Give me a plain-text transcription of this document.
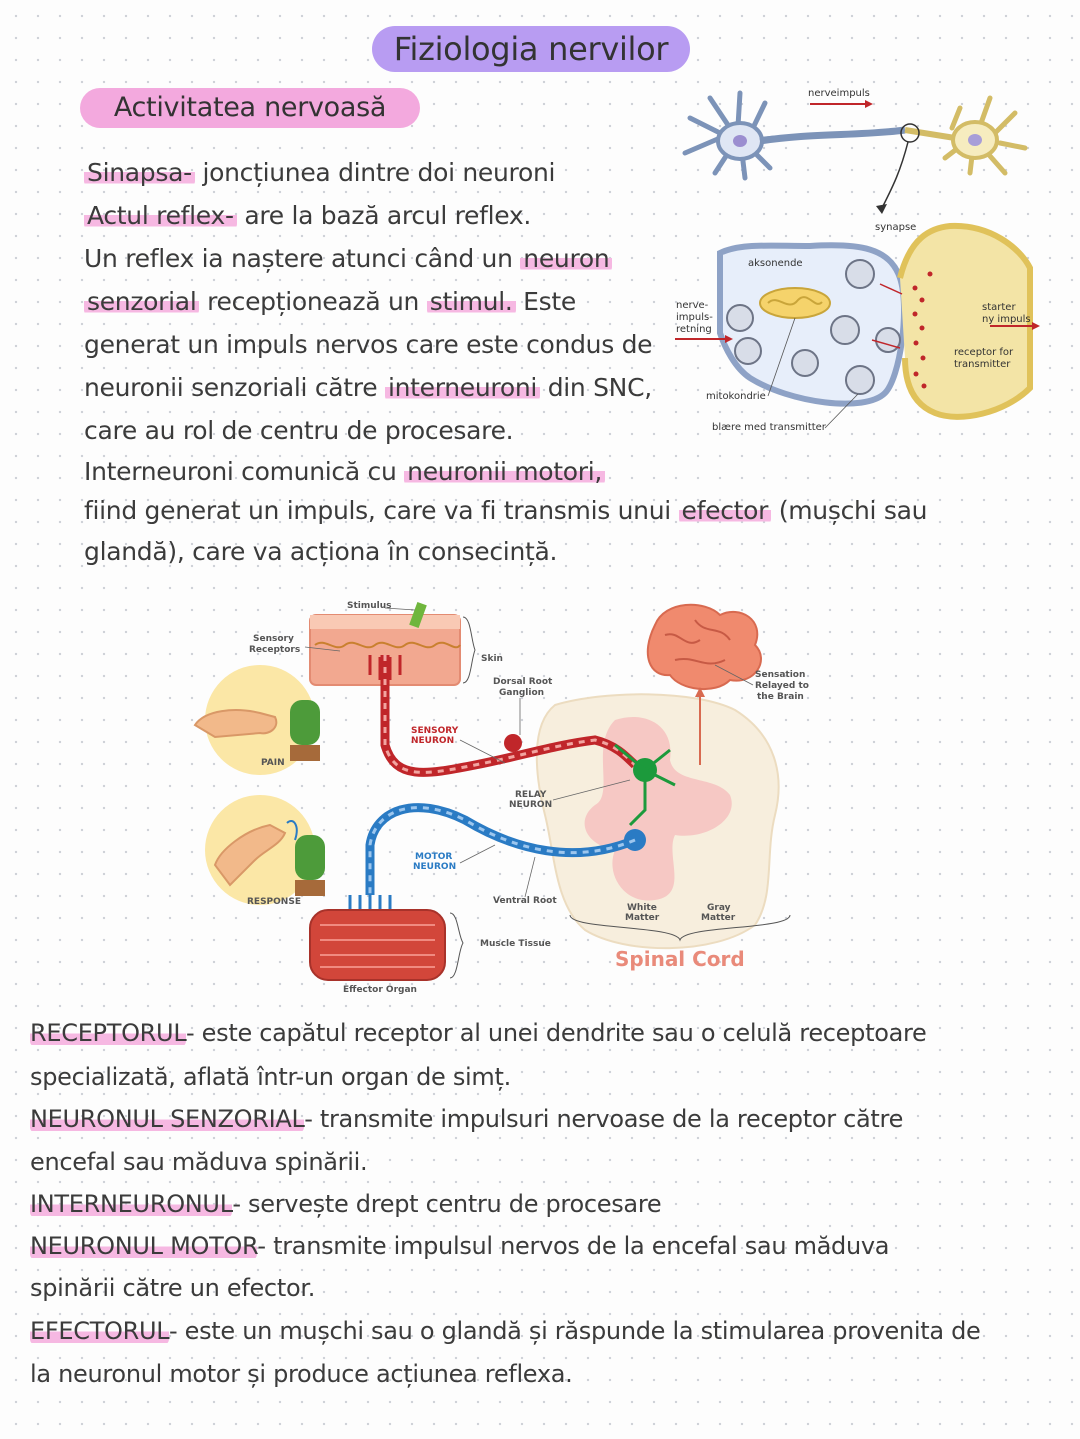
Fiziologia nervilor
Activitatea nervoasă
Sinapsa- joncțiunea dintre doi neuroni
Actul reflex- are la bază arcul reflex.
Un reflex ia naștere atunci când un neuron
senzorial recepționează un stimul. Este
generat un impuls nervos care este condus de
neuronii senzoriali către interneuroni din SNC,
care au rol de centru de procesare.
Interneuroni comunică cu neuronii motori,
fiind generat un impuls, care va fi transmis unui efector (mușchi sau
glandă), care va acționa în consecință.
nerveimpuls
synapse
aksonende
nerve-
impuls-
retning
starter
ny impuls
receptor for
transmitter
mitokondrie
blære med transmitter
Stimulus
Sensory
Receptors
Skin
Dorsal Root
Ganglion
Sensation
Relayed to
the Brain
PAIN
SENSORY
NEURON
RELAY
NEURON
MOTOR
NEURON
RESPONSE	Ventral Root
White
Matter
Gray
Matter
Muscle Tissue
Effector Organ
Spinal Cord
RECEPTORUL- este capătul receptor al unei dendrite sau o celulă receptoare
specializată, aflată într-un organ de simț.
NEURONUL SENZORIAL- transmite impulsuri nervoase de la receptor către
encefal sau măduva spinării.
INTERNEURONUL- servește drept centru de procesare
NEURONUL MOTOR- transmite impulsul nervos de la encefal sau măduva
spinării către un efector.
EFECTORUL- este un mușchi sau o glandă și răspunde la stimularea provenita de
la neuronul motor și produce acțiunea reflexa.
